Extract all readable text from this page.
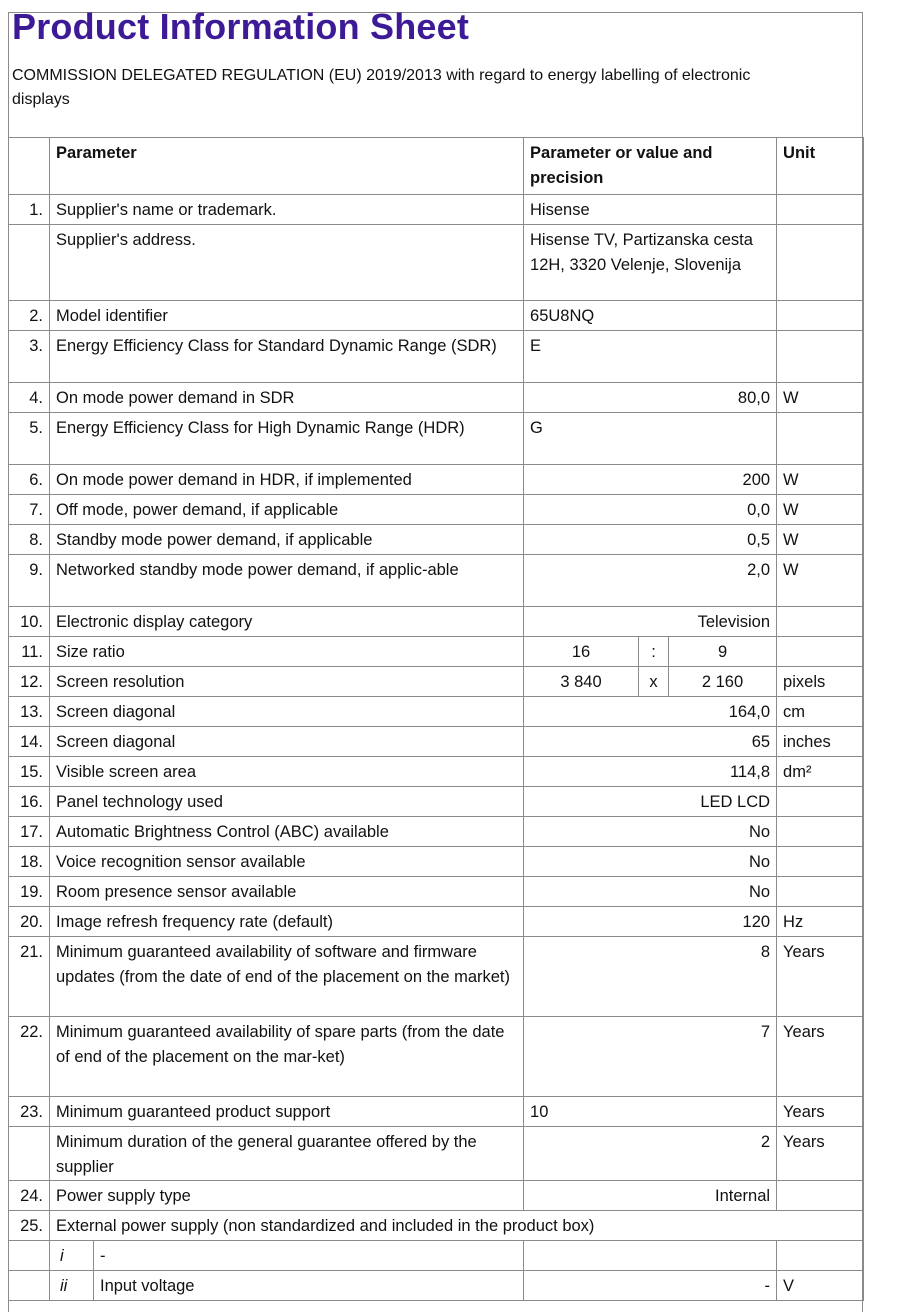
Product Information Sheet
COMMISSION DELEGATED REGULATION (EU) 2019/2013 with regard to energy labelling of electronic displays
	Parameter		Parameter or value and precision			Unit
1.	Supplier's name or trademark.		Hisense			
	Supplier's address.		Hisense TV, Partizanska cesta 12H, 3320 Velenje, Slovenija			
2.	Model identifier		65U8NQ			
3.	Energy Efficiency Class for Standard Dynamic Range (SDR)		E			
4.	On mode power demand in SDR		80,0			W
5.	Energy Efficiency Class for High Dynamic Range (HDR)		G			
6.	On mode power demand in HDR, if implemented		200			W
7.	Off mode, power demand, if applicable		0,0			W
8.	Standby mode power demand, if applicable		0,5			W
9.	Networked standby mode power demand, if applic-able		2,0			W
10.	Electronic display category		Television			
11.	Size ratio		16	:	9	
12.	Screen resolution		3 840	x	2 160	pixels
13.	Screen diagonal		164,0			cm
14.	Screen diagonal		65			inches
15.	Visible screen area		114,8			dm²
16.	Panel technology used		LED LCD			
17.	Automatic Brightness Control (ABC) available		No			
18.	Voice recognition sensor available		No			
19.	Room presence sensor available		No			
20.	Image refresh frequency rate (default)		120			Hz
21.	Minimum guaranteed availability of software and firmware updates (from the date of end of the placement on the market)		8			Years
22.	Minimum guaranteed availability of spare parts (from the date of end of the placement on the mar-ket)		7			Years
23.	Minimum guaranteed product support		10			Years
	Minimum duration of the general guarantee offered by the supplier		2			Years
24.	Power supply type		Internal			
25.	External power supply (non standardized and included in the product box)					
	i	-				
	ii	Input voltage	-			V
